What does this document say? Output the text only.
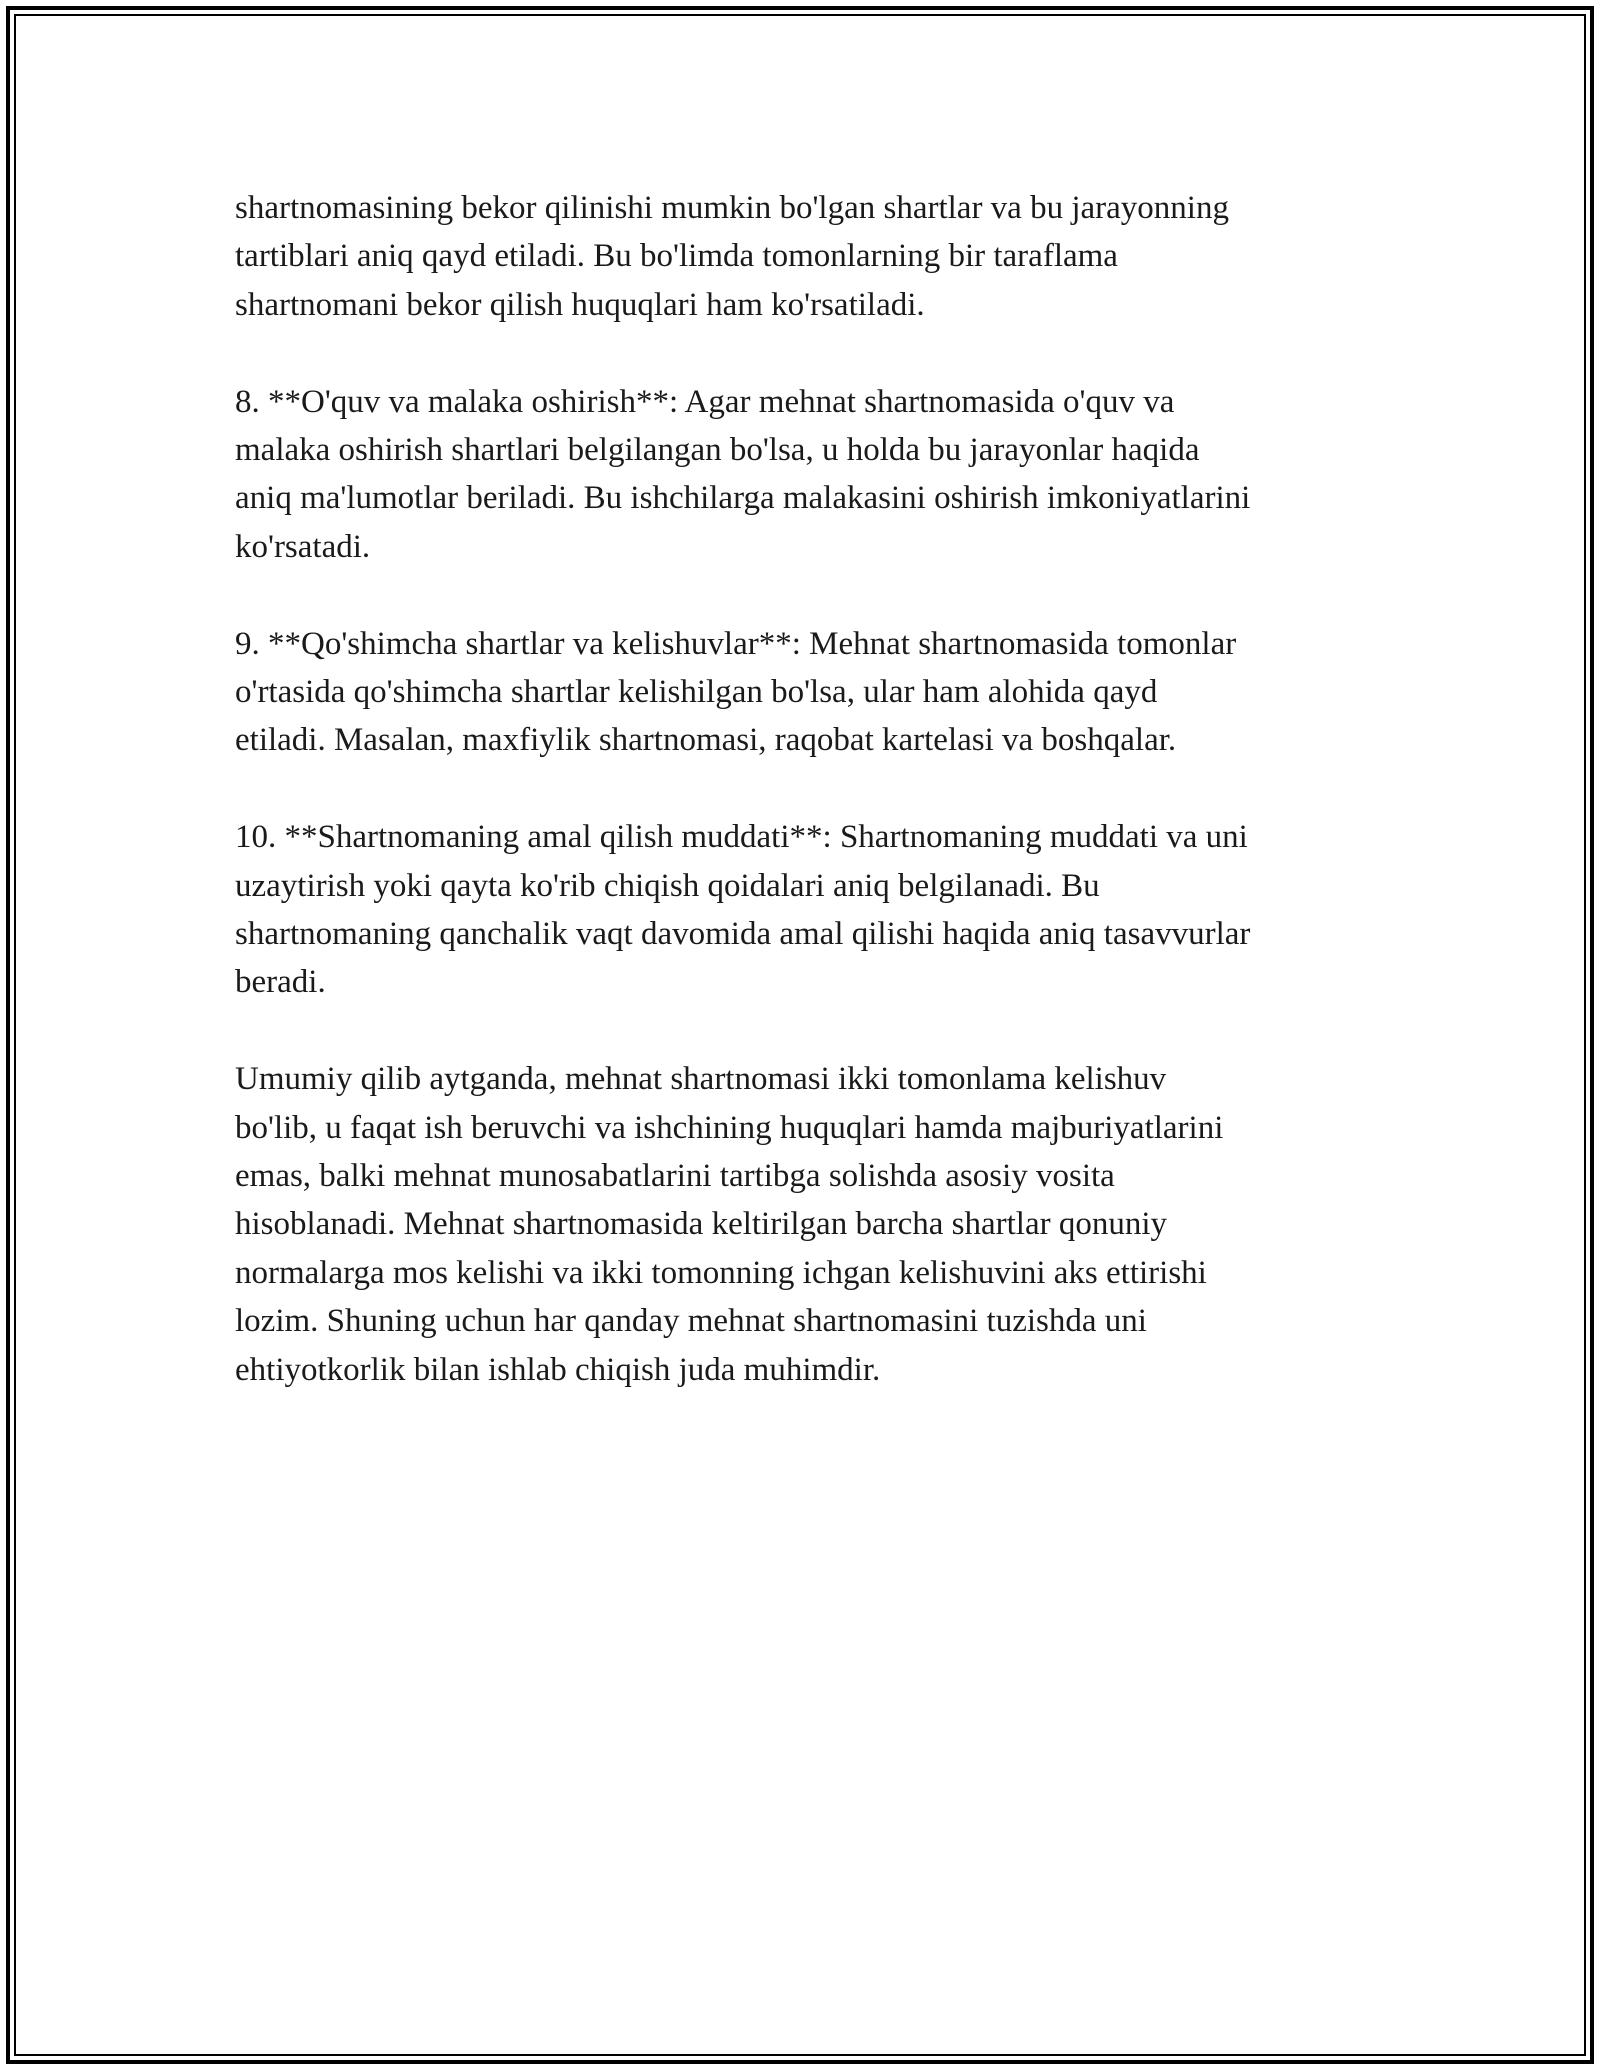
shartnomasining bekor qilinishi mumkin bo'lgan shartlar va bu jarayonning
tartiblari aniq qayd etiladi. Bu bo'limda tomonlarning bir taraflama
shartnomani bekor qilish huquqlari ham ko'rsatiladi.

8. **O'quv va malaka oshirish**: Agar mehnat shartnomasida o'quv va
malaka oshirish shartlari belgilangan bo'lsa, u holda bu jarayonlar haqida
aniq ma'lumotlar beriladi. Bu ishchilarga malakasini oshirish imkoniyatlarini
ko'rsatadi.

9. **Qo'shimcha shartlar va kelishuvlar**: Mehnat shartnomasida tomonlar
o'rtasida qo'shimcha shartlar kelishilgan bo'lsa, ular ham alohida qayd
etiladi. Masalan, maxfiylik shartnomasi, raqobat kartelasi va boshqalar.

10. **Shartnomaning amal qilish muddati**: Shartnomaning muddati va uni
uzaytirish yoki qayta ko'rib chiqish qoidalari aniq belgilanadi. Bu
shartnomaning qanchalik vaqt davomida amal qilishi haqida aniq tasavvurlar
beradi.

Umumiy qilib aytganda, mehnat shartnomasi ikki tomonlama kelishuv
bo'lib, u faqat ish beruvchi va ishchining huquqlari hamda majburiyatlarini
emas, balki mehnat munosabatlarini tartibga solishda asosiy vosita
hisoblanadi. Mehnat shartnomasida keltirilgan barcha shartlar qonuniy
normalarga mos kelishi va ikki tomonning ichgan kelishuvini aks ettirishi
lozim. Shuning uchun har qanday mehnat shartnomasini tuzishda uni
ehtiyotkorlik bilan ishlab chiqish juda muhimdir.
